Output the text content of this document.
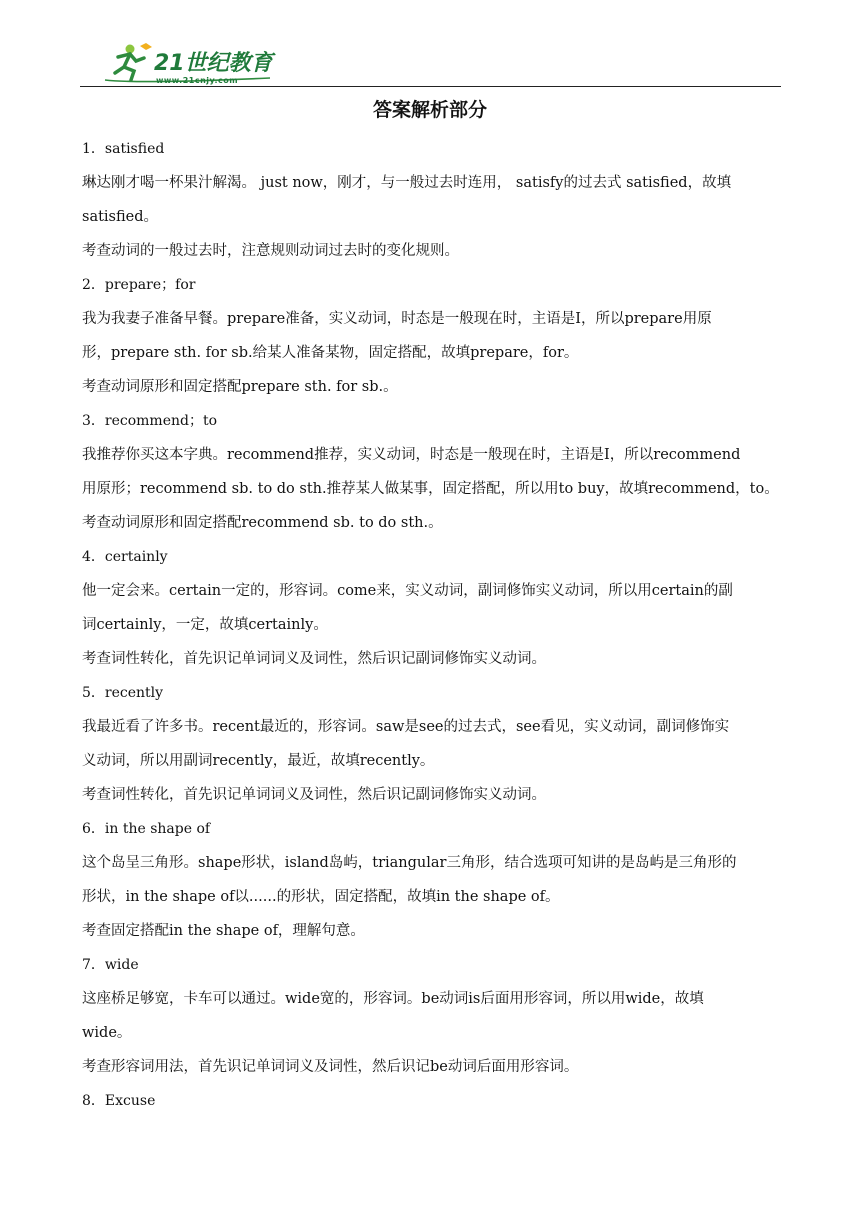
21世纪教育
www.21cnjy.com
答案解析部分
1．satisfied
琳达刚才喝一杯果汁解渴。 just now，刚才，与一般过去时连用， satisfy的过去式 satisfied，故填
satisfied。
考查动词的一般过去时，注意规则动词过去时的变化规则。
2．prepare；for
我为我妻子准备早餐。prepare准备，实义动词，时态是一般现在时，主语是I，所以prepare用原
形，prepare sth. for sb.给某人准备某物，固定搭配，故填prepare，for。
考查动词原形和固定搭配prepare sth. for sb.。
3．recommend；to
我推荐你买这本字典。recommend推荐，实义动词，时态是一般现在时，主语是I，所以recommend
用原形；recommend sb. to do sth.推荐某人做某事，固定搭配，所以用to buy，故填recommend，to。
考查动词原形和固定搭配recommend sb. to do sth.。
4．certainly
他一定会来。certain一定的，形容词。come来，实义动词，副词修饰实义动词，所以用certain的副
词certainly，一定，故填certainly。
考查词性转化，首先识记单词词义及词性，然后识记副词修饰实义动词。
5．recently
我最近看了许多书。recent最近的，形容词。saw是see的过去式，see看见，实义动词，副词修饰实
义动词，所以用副词recently，最近，故填recently。
考查词性转化，首先识记单词词义及词性，然后识记副词修饰实义动词。
6．in the shape of
这个岛呈三角形。shape形状，island岛屿，triangular三角形，结合选项可知讲的是岛屿是三角形的
形状，in the shape of以......的形状，固定搭配，故填in the shape of。
考查固定搭配in the shape of，理解句意。
7．wide
这座桥足够宽，卡车可以通过。wide宽的，形容词。be动词is后面用形容词，所以用wide，故填
wide。
考查形容词用法，首先识记单词词义及词性，然后识记be动词后面用形容词。
8．Excuse
